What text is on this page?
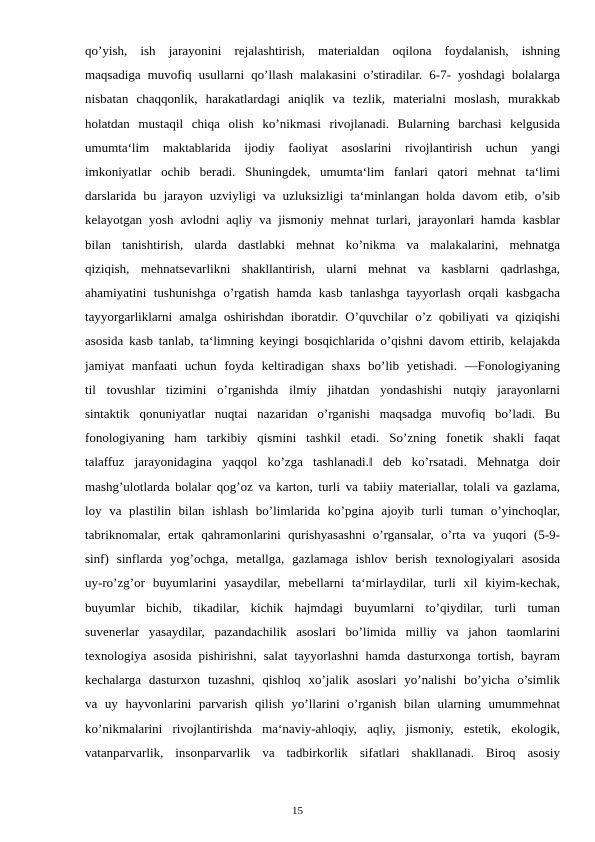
qo’yish, ish jarayonini rejalashtirish, materialdan oqilona foydalanish, ishning
maqsadiga muvofiq usullarni qo’llash malakasini o’stiradilar. 6-7- yoshdagi bolalarga
nisbatan chaqqonlik, harakatlardagi aniqlik va tezlik, materialni moslash, murakkab
holatdan mustaqil chiqa olish ko’nikmasi rivojlanadi. Bularning barchasi kelgusida
umumta‘lim maktablarida ijodiy faoliyat asoslarini rivojlantirish uchun yangi
imkoniyatlar ochib beradi. Shuningdek, umumta‘lim fanlari qatori mehnat ta‘limi
darslarida bu jarayon uzviyligi va uzluksizligi ta‘minlangan holda davom etib, o’sib
kelayotgan yosh avlodni aqliy va jismoniy mehnat turlari, jarayonlari hamda kasblar
bilan tanishtirish, ularda dastlabki mehnat ko’nikma va malakalarini, mehnatga
qiziqish, mehnatsevarlikni shakllantirish, ularni mehnat va kasblarni qadrlashga,
ahamiyatini tushunishga o’rgatish hamda kasb tanlashga tayyorlash orqali kasbgacha
tayyorgarliklarni amalga oshirishdan iboratdir. O’quvchilar o’z qobiliyati va qiziqishi
asosida kasb tanlab, ta‘limning keyingi bosqichlarida o’qishni davom ettirib, kelajakda
jamiyat manfaati uchun foyda keltiradigan shaxs bo’lib yetishadi. ―Fonologiyaning
til tovushlar tizimini o’rganishda ilmiy jihatdan yondashishi nutqiy jarayonlarni
sintaktik qonuniyatlar nuqtai nazaridan o’rganishi maqsadga muvofiq bo’ladi. Bu
fonologiyaning ham tarkibiy qismini tashkil etadi. So’zning fonetik shakli faqat
talaffuz jarayonidagina yaqqol ko’zga tashlanadi.‖ deb ko’rsatadi. Mehnatga doir
mashg’ulotlarda bolalar qog’oz va karton, turli va tabiiy materiallar, tolali va gazlama,
loy va plastilin bilan ishlash bo’limlarida ko’pgina ajoyib turli tuman o’yinchoqlar,
tabriknomalar, ertak qahramonlarini qurishyasashni o’rgansalar, o’rta va yuqori (5-9-
sinf) sinflarda yog’ochga, metallga, gazlamaga ishlov berish texnologiyalari asosida
uy-ro’zg’or buyumlarini yasaydilar, mebellarni ta‘mirlaydilar, turli xil kiyim-kechak,
buyumlar bichib, tikadilar, kichik hajmdagi buyumlarni to’qiydilar, turli tuman
suvenerlar yasaydilar, pazandachilik asoslari bo’limida milliy va jahon taomlarini
texnologiya asosida pishirishni, salat tayyorlashni hamda dasturxonga tortish, bayram
kechalarga dasturxon tuzashni, qishloq xo’jalik asoslari yo’nalishi bo’yicha o’simlik
va uy hayvonlarini parvarish qilish yo’llarini o’rganish bilan ularning umummehnat
ko’nikmalarini rivojlantirishda ma‘naviy-ahloqiy, aqliy, jismoniy, estetik, ekologik,
vatanparvarlik, insonparvarlik va tadbirkorlik sifatlari shakllanadi. Biroq asosiy

15
